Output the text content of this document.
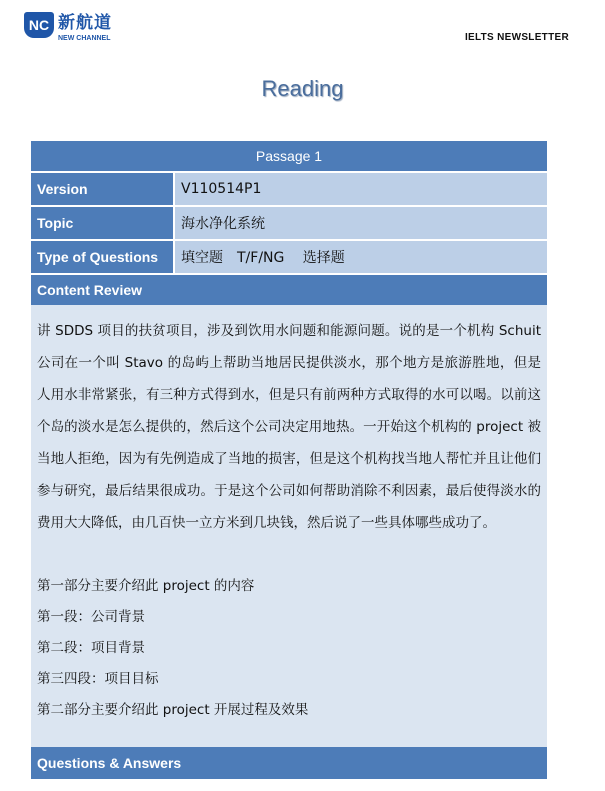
NC 新航道
NEW CHANNEL	IELTS NEWSLETTER
Reading
Passage 1
Version	V110514P1
Topic	海水净化系统
Type of Questions	填空题　T/F/NG　 选择题
Content Review

讲 SDDS 项目的扶贫项目，涉及到饮用水问题和能源问题。说的是一个机构 Schuit 公司在一个叫 Stavo 的岛屿上帮助当地居民提供淡水，那个地方是旅游胜地，但是人用水非常紧张，有三种方式得到水，但是只有前两种方式取得的水可以喝。以前这个岛的淡水是怎么提供的，然后这个公司决定用地热。一开始这个机构的 project 被当地人拒绝，因为有先例造成了当地的损害，但是这个机构找当地人帮忙并且让他们参与研究，最后结果很成功。于是这个公司如何帮助消除不利因素，最后使得淡水的费用大大降低，由几百快一立方米到几块钱，然后说了一些具体哪些成功了。

第一部分主要介绍此 project 的内容

第一段：公司背景

第二段：项目背景

第三四段：项目目标

第二部分主要介绍此 project 开展过程及效果

Questions & Answers
